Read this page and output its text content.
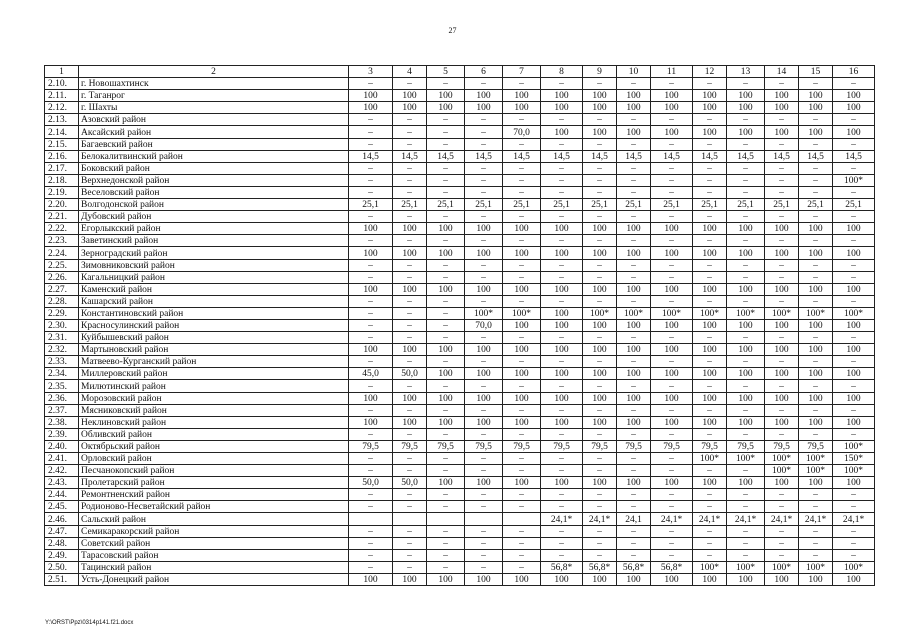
27
1	2	3	4	5	6	7	8	9	10	11	12	13	14	15	16
2.10.	г. Новошахтинск	–	–	–	–	–	–	–	–	–	–	–	–	–	–
2.11.	г. Таганрог	100	100	100	100	100	100	100	100	100	100	100	100	100	100
2.12.	г. Шахты	100	100	100	100	100	100	100	100	100	100	100	100	100	100
2.13.	Азовский район	–	–	–	–	–	–	–	–	–	–	–	–	–	–
2.14.	Аксайский район	–	–	–	–	70,0	100	100	100	100	100	100	100	100	100
2.15.	Багаевский район	–	–	–	–	–	–	–	–	–	–	–	–	–	–
2.16.	Белокалитвинский район	14,5	14,5	14,5	14,5	14,5	14,5	14,5	14,5	14,5	14,5	14,5	14,5	14,5	14,5
2.17.	Боковский район	–	–	–	–	–	–	–	–	–	–	–	–	–	–
2.18.	Верхнедонской район	–	–	–	–	–	–	–	–	–	–	–	–	–	100*
2.19.	Веселовский район	–	–	–	–	–	–	–	–	–	–	–	–	–	–
2.20.	Волгодонской район	25,1	25,1	25,1	25,1	25,1	25,1	25,1	25,1	25,1	25,1	25,1	25,1	25,1	25,1
2.21.	Дубовский район	–	–	–	–	–	–	–	–	–	–	–	–	–	–
2.22.	Егорлыкский район	100	100	100	100	100	100	100	100	100	100	100	100	100	100
2.23.	Заветинский район	–	–	–	–	–	–	–	–	–	–	–	–	–	–
2.24.	Зерноградский район	100	100	100	100	100	100	100	100	100	100	100	100	100	100
2.25.	Зимовниковский район	–	–	–	–	–	–	–	–	–	–	–	–	–	–
2.26.	Кагальницкий район	–	–	–	–	–	–	–	–	–	–	–	–	–	–
2.27.	Каменский район	100	100	100	100	100	100	100	100	100	100	100	100	100	100
2.28.	Кашарский район	–	–	–	–	–	–	–	–	–	–	–	–	–	–
2.29.	Константиновский район	–	–	–	100*	100*	100	100*	100*	100*	100*	100*	100*	100*	100*
2.30.	Красносулинский район	–	–	–	70,0	100	100	100	100	100	100	100	100	100	100
2.31.	Куйбышевский район	–	–	–	–	–	–	–	–	–	–	–	–	–	–
2.32.	Мартыновский район	100	100	100	100	100	100	100	100	100	100	100	100	100	100
2.33.	Матвеево-Курганский район	–	–	–	–	–	–	–	–	–	–	–	–	–	–
2.34.	Миллеровский район	45,0	50,0	100	100	100	100	100	100	100	100	100	100	100	100
2.35.	Милютинский район	–	–	–	–	–	–	–	–	–	–	–	–	–	–
2.36.	Морозовский район	100	100	100	100	100	100	100	100	100	100	100	100	100	100
2.37.	Мясниковский район	–	–	–	–	–	–	–	–	–	–	–	–	–	–
2.38.	Неклиновский район	100	100	100	100	100	100	100	100	100	100	100	100	100	100
2.39.	Обливский район	–	–	–	–	–	–	–	–	–	–	–	–	–	–
2.40.	Октябрьский район	79,5	79,5	79,5	79,5	79,5	79,5	79,5	79,5	79,5	79,5	79,5	79,5	79,5	100*
2.41.	Орловский район	–	–	–	–	–	–	–	–	–	100*	100*	100*	100*	150*
2.42.	Песчанокопский район	–	–	–	–	–	–	–	–	–	–	–	100*	100*	100*
2.43.	Пролетарский район	50,0	50,0	100	100	100	100	100	100	100	100	100	100	100	100
2.44.	Ремонтненский район	–	–	–	–	–	–	–	–	–	–	–	–	–	–
2.45.	Родионово-Несветайский район	–	–	–	–	–	–	–	–	–	–	–	–	–	–
2.46.	Сальский район						24,1*	24,1*	24,1	24,1*	24,1*	24,1*	24,1*	24,1*	24,1*
2.47.	Семикаракорский район	–	–	–	–	–	–	–	–	–	–	–	–	–	–
2.48.	Советский район	–	–	–	–	–	–	–	–	–	–	–	–	–	–
2.49.	Тарасовский район	–	–	–	–	–	–	–	–	–	–	–	–	–	–
2.50.	Тацинский район	–	–	–	–	–	56,8*	56,8*	56,8*	56,8*	100*	100*	100*	100*	100*
2.51.	Усть-Донецкий район	100	100	100	100	100	100	100	100	100	100	100	100	100	100
Y:\ORST\Ppz\0314p141.f21.docx
